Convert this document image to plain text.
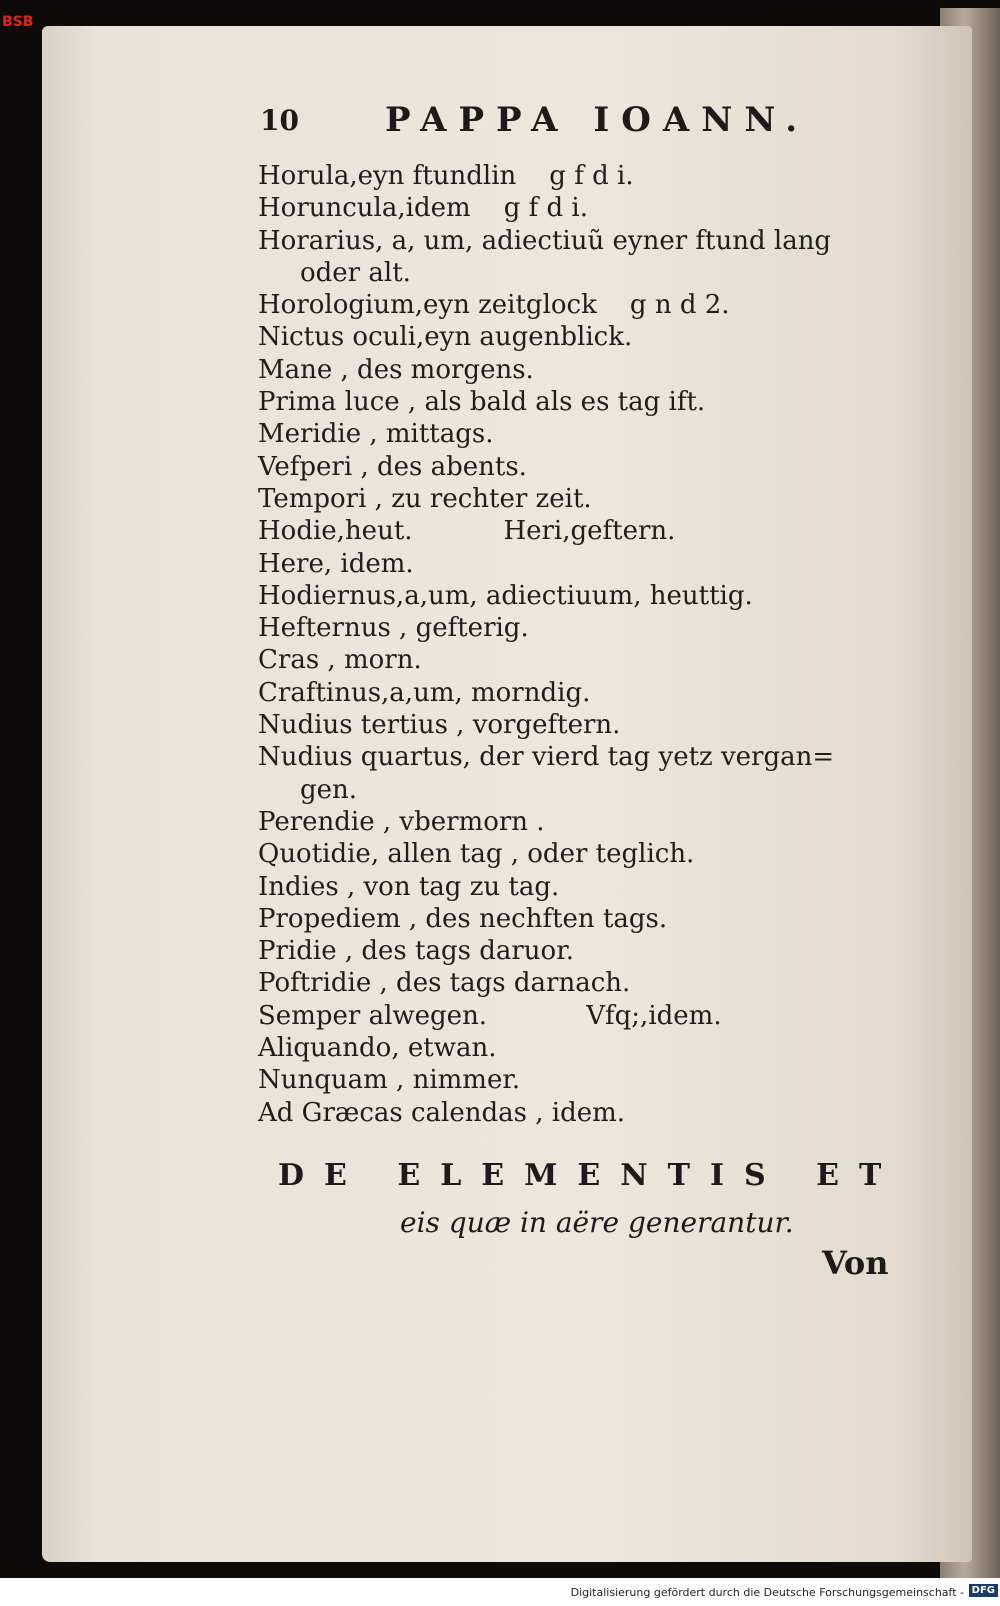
BSB
10	PAPPA IOANN.
Horula,eyn ftundlin    g f d i.
Horuncula,idem    g f d i.
Horarius, a, um, adiectiuũ eyner ftund lang
oder alt.
Horologium,eyn zeitglock    g n d 2.
Nictus oculi,eyn augenblick.
Mane , des morgens.
Prima luce , als bald als es tag ift.
Meridie , mittags.
Vefperi , des abents.
Tempori , zu rechter zeit.
Hodie,heut.           Heri,geftern.
Here, idem.
Hodiernus,a,um, adiectiuum, heuttig.
Hefternus , gefterig.
Cras , morn.
Craftinus,a,um, morndig.
Nudius tertius , vorgeftern.
Nudius quartus, der vierd tag yetz vergan=
gen.
Perendie , vbermorn .
Quotidie, allen tag , oder teglich.
Indies , von tag zu tag.
Propediem , des nechften tags.
Pridie , des tags daruor.
Poftridie , des tags darnach.
Semper alwegen.            Vfq;,idem.
Aliquando, etwan.
Nunquam , nimmer.
Ad Græcas calendas , idem.
DE ELEMENTIS ET
eis quæ in aëre generantur.
Von
Digitalisierung gefördert durch die Deutsche Forschungsgemeinschaft - DFG
